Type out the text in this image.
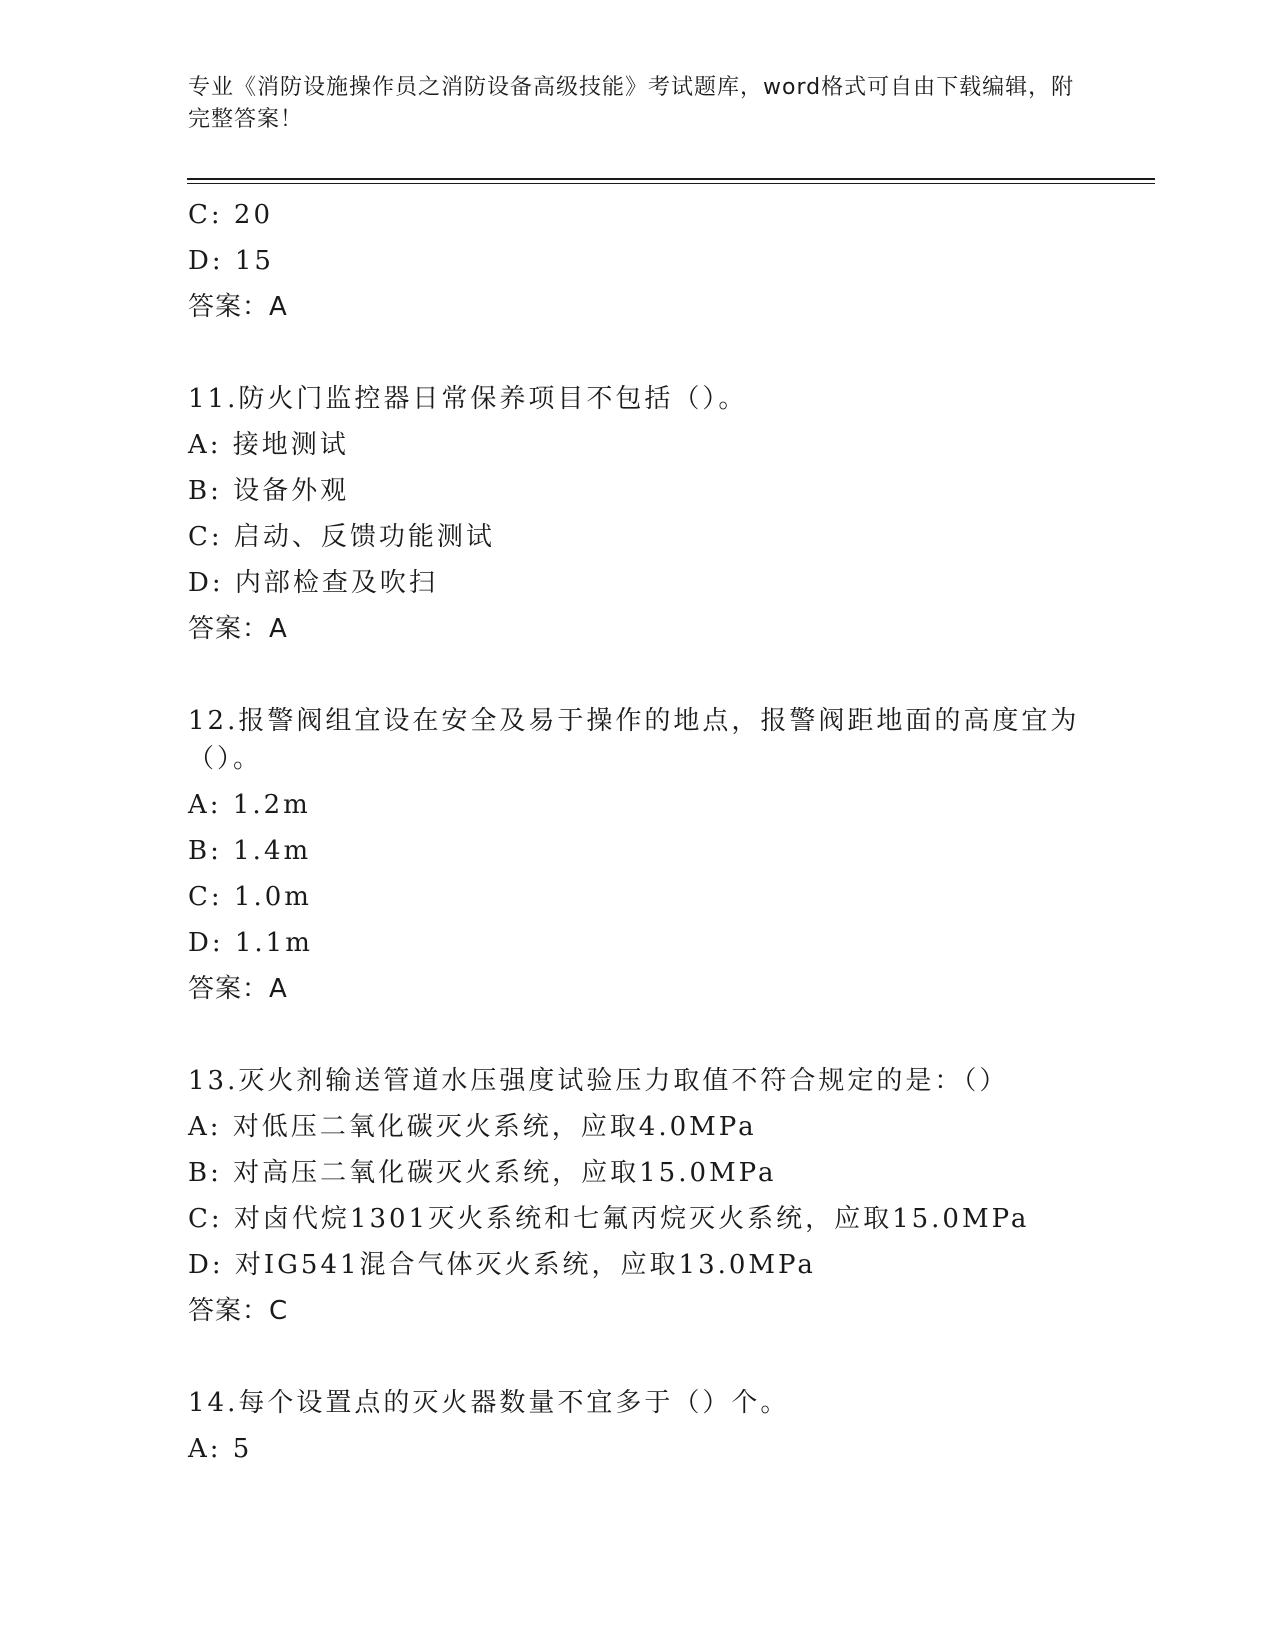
专业《消防设施操作员之消防设备高级技能》考试题库，word格式可自由下载编辑，附完整答案！
C: 20
D: 15
答案：A
11.防火门监控器日常保养项目不包括（）。
A: 接地测试
B: 设备外观
C: 启动、反馈功能测试
D: 内部检查及吹扫
答案：A
12.报警阀组宜设在安全及易于操作的地点，报警阀距地面的高度宜为（）。
A: 1.2m
B: 1.4m
C: 1.0m
D: 1.1m
答案：A
13.灭火剂输送管道水压强度试验压力取值不符合规定的是：（）
A: 对低压二氧化碳灭火系统，应取4.0MPa
B: 对高压二氧化碳灭火系统，应取15.0MPa
C: 对卤代烷1301灭火系统和七氟丙烷灭火系统，应取15.0MPa
D: 对IG541混合气体灭火系统，应取13.0MPa
答案：C
14.每个设置点的灭火器数量不宜多于（）个。
A: 5
